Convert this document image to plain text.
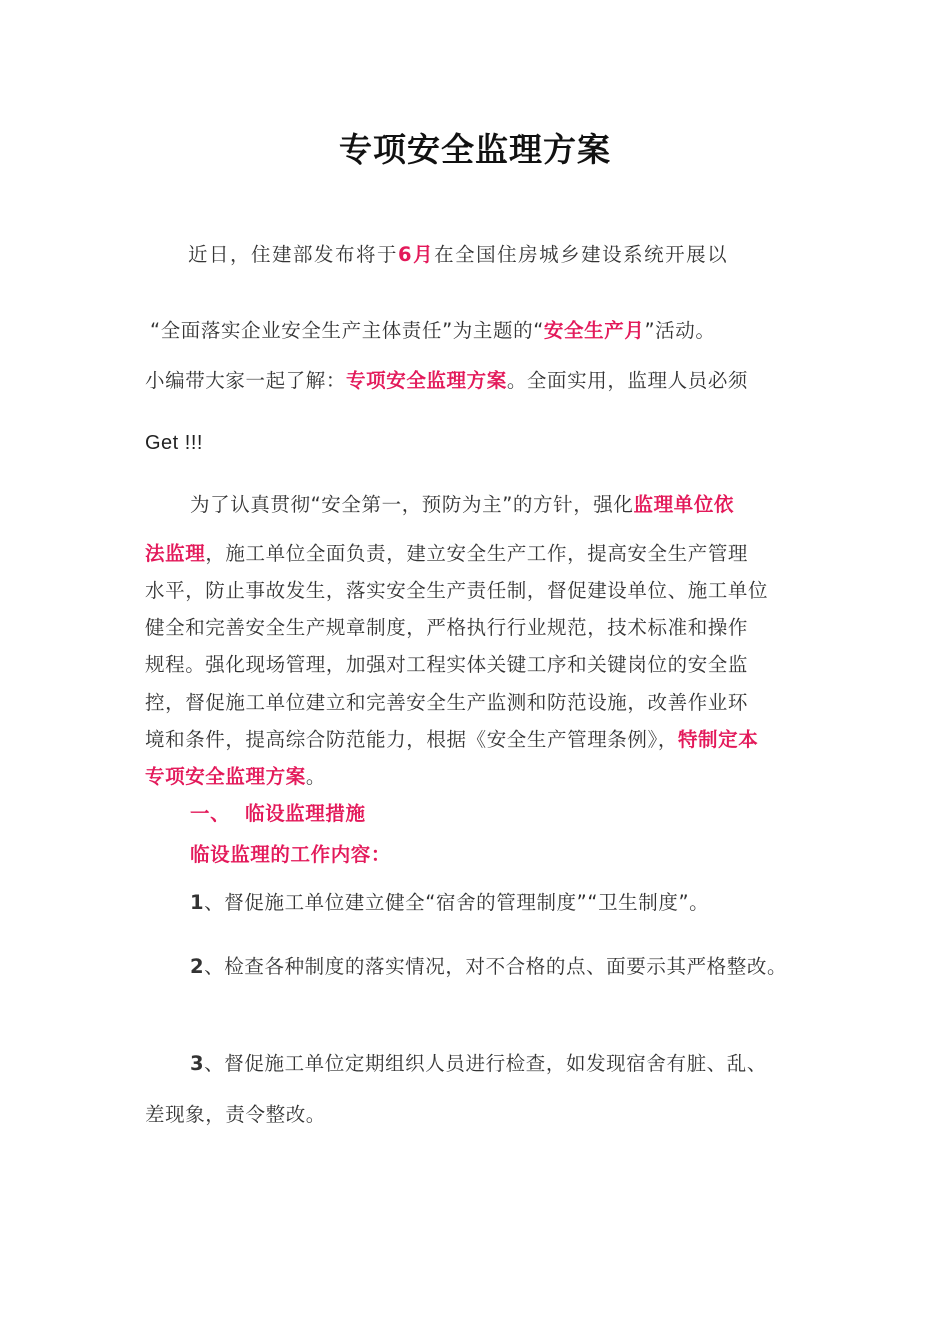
专项安全监理方案
近日，住建部发布将于6月在全国住房城乡建设系统开展以
“全面落实企业安全生产主体责任”为主题的“安全生产月”活动。
小编带大家一起了解：专项安全监理方案。全面实用，监理人员必须
Get !!!
为了认真贯彻“安全第一，预防为主”的方针，强化监理单位依
法监理，施工单位全面负责，建立安全生产工作，提高安全生产管理
水平，防止事故发生，落实安全生产责任制，督促建设单位、施工单位
健全和完善安全生产规章制度，严格执行行业规范，技术标准和操作
规程。强化现场管理，加强对工程实体关键工序和关键岗位的安全监
控，督促施工单位建立和完善安全生产监测和防范设施，改善作业环
境和条件，提高综合防范能力，根据《安全生产管理条例》，特制定本
专项安全监理方案。
一、  临设监理措施
临设监理的工作内容：
1、督促施工单位建立健全“宿舍的管理制度”“卫生制度”。
2、检查各种制度的落实情况，对不合格的点、面要示其严格整改。
3、督促施工单位定期组织人员进行检查，如发现宿舍有脏、乱、
差现象，责令整改。
